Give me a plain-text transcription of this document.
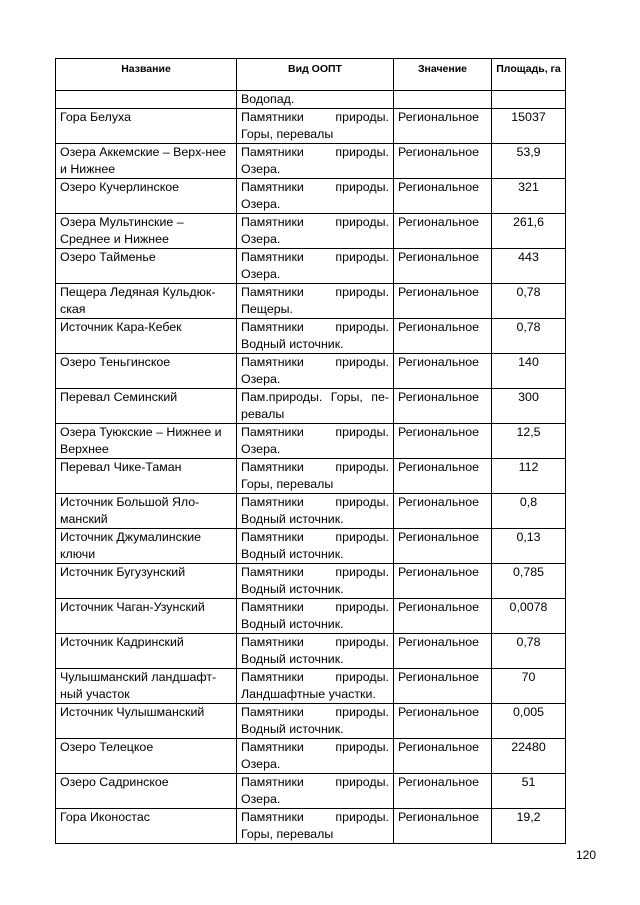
Название	Вид ООПТ	Значение	Площадь, га
	Водопад.		
Гора Белуха	Памятники природы. Горы, перевалы	Региональное	15037
Озера Аккемские – Верх-нее и Нижнее	Памятники природы. Озера.	Региональное	53,9
Озеро Кучерлинское	Памятники природы. Озера.	Региональное	321
Озера Мультинские – Среднее и Нижнее	Памятники природы. Озера.	Региональное	261,6
Озеро Тайменье	Памятники природы. Озера.	Региональное	443
Пещера Ледяная Кульдюк-ская	Памятники природы. Пещеры.	Региональное	0,78
Источник Кара-Кебек	Памятники природы. Водный источник.	Региональное	0,78
Озеро Теньгинское	Памятники природы. Озера.	Региональное	140
Перевал Семинский	Пам.природы. Горы, пе-ревалы	Региональное	300
Озера Туюкские – Нижнее и Верхнее	Памятники природы. Озера.	Региональное	12,5
Перевал Чике-Таман	Памятники природы. Горы, перевалы	Региональное	112
Источник Большой Яло-манский	Памятники природы. Водный источник.	Региональное	0,8
Источник Джумалинские ключи	Памятники природы. Водный источник.	Региональное	0,13
Источник Бугузунский	Памятники природы. Водный источник.	Региональное	0,785
Источник Чаган-Узунский	Памятники природы. Водный источник.	Региональное	0,0078
Источник Кадринский	Памятники природы. Водный источник.	Региональное	0,78
Чулышманский ландшафт-ный участок	Памятники природы. Ландшафтные участки.	Региональное	70
Источник Чулышманский	Памятники природы. Водный источник.	Региональное	0,005
Озеро Телецкое	Памятники природы. Озера.	Региональное	22480
Озеро Садринское	Памятники природы. Озера.	Региональное	51
Гора Иконостас	Памятники природы. Горы, перевалы	Региональное	19,2
120
